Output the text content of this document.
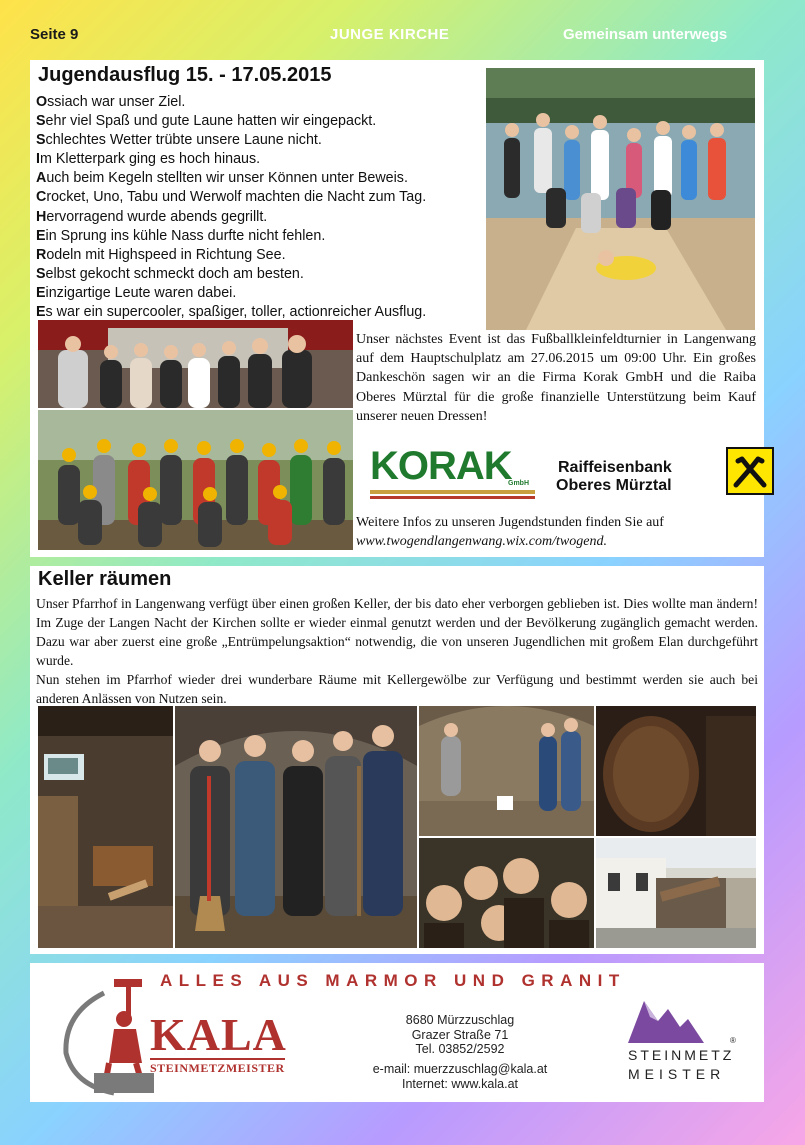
Seite 9	JUNGE KIRCHE	Gemeinsam unterwegs
Jugendausflug 15. - 17.05.2015
Ossiach war unser Ziel.
Sehr viel Spaß und gute Laune hatten wir eingepackt.
Schlechtes Wetter trübte unsere Laune nicht.
Im Kletterpark ging es hoch hinaus.
Auch beim Kegeln stellten wir unser Können unter Beweis.
Crocket, Uno, Tabu und Werwolf machten die Nacht zum Tag.
Hervorragend wurde abends gegrillt.
Ein Sprung ins kühle Nass durfte nicht fehlen.
Rodeln mit Highspeed in Richtung See.
Selbst gekocht schmeckt doch am besten.
Einzigartige Leute waren dabei.
Es war ein supercooler, spaßiger, toller, actionreicher Ausflug.
Unser nächstes Event ist das Fußballkleinfeldturnier in Langenwang auf dem Hauptschulplatz am 27.06.2015 um 09:00 Uhr. Ein großes Dankeschön sagen wir an die Firma Korak GmbH und die Raiba Oberes Mürztal für die große finanzielle Unterstützung beim Kauf unserer neuen Dressen!
KORAK
GmbH
Raiffeisenbank
Oberes Mürztal
Weitere Infos zu unseren Jugendstunden finden Sie auf
www.twogendlangenwang.wix.com/twogend.
Keller räumen

Unser Pfarrhof in Langenwang verfügt über einen großen Keller, der bis dato eher verborgen geblieben ist. Dies wollte man ändern! Im Zuge der Langen Nacht der Kirchen sollte er wieder einmal genutzt werden und der Bevölkerung zugänglich gemacht werden. Dazu war aber zuerst eine große „Entrümpelungsaktion“ notwendig, die von unseren Jugendlichen mit großem Elan durchgeführt wurde.

Nun stehen im Pfarrhof wieder drei wunderbare Räume mit Kellergewölbe zur Verfügung und bestimmt werden sie auch bei anderen Anlässen von Nutzen sein.

ALLES AUS MARMOR UND GRANIT
KALA
STEINMETZMEISTER
8680 Mürzzuschlag
Grazer Straße 71
Tel. 03852/2592
e-mail: muerzzuschlag@kala.at
Internet: www.kala.at
®
STEINMETZ
MEISTER
